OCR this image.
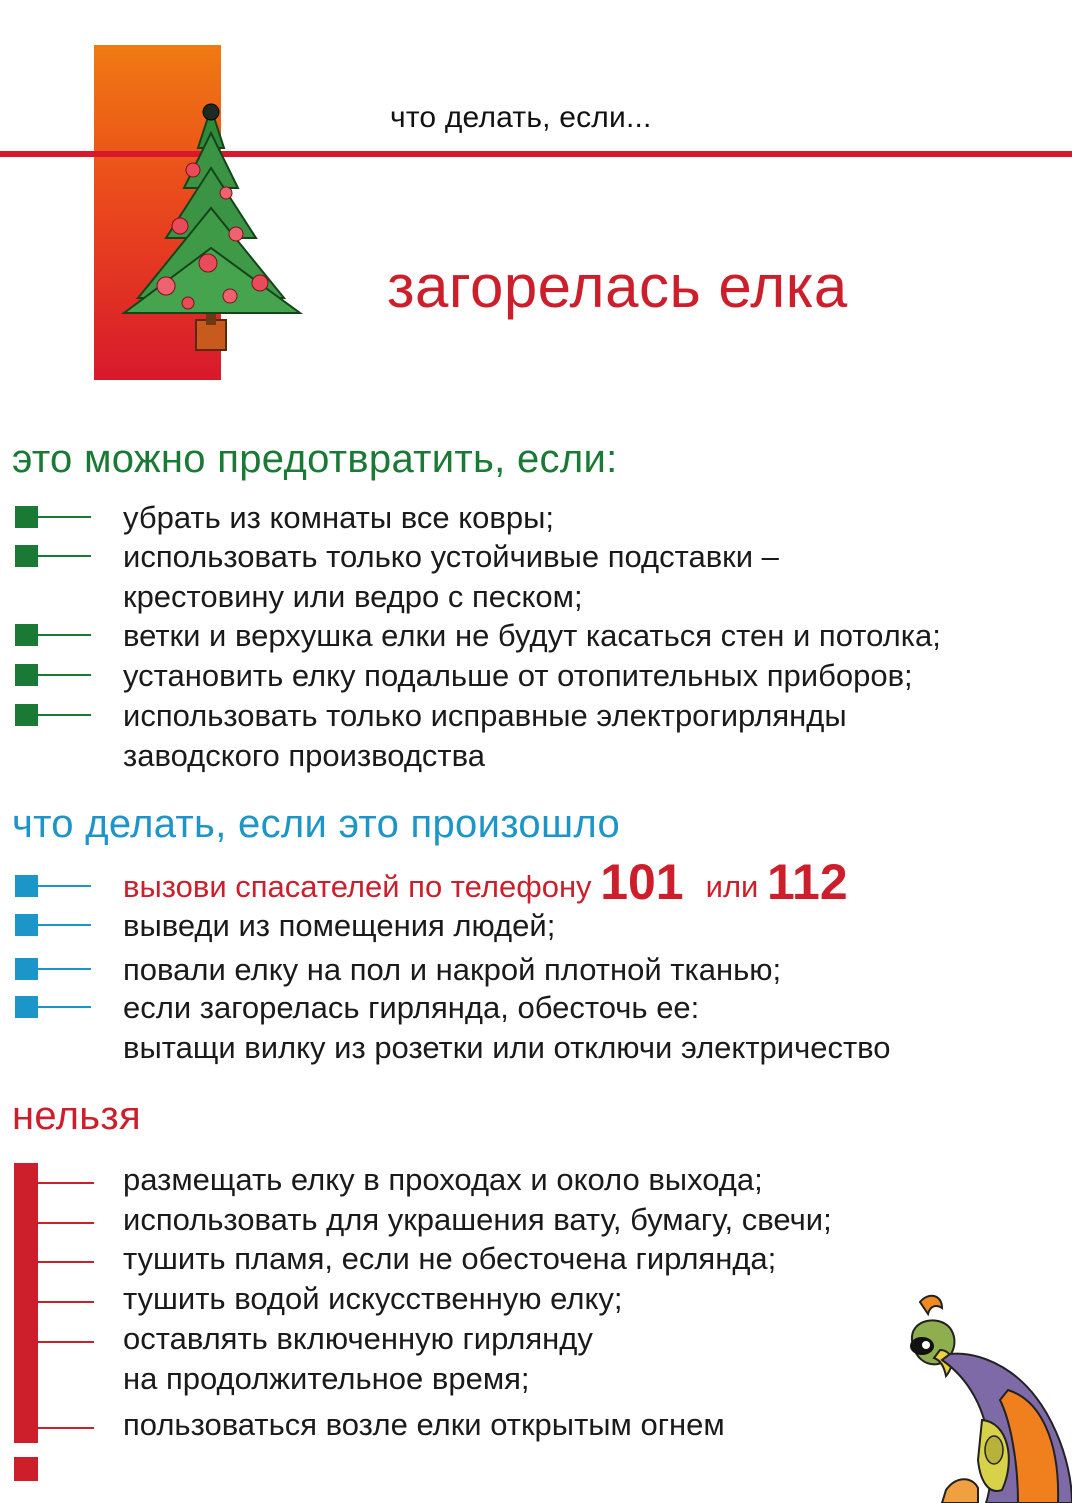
что делать, если...
загорелась елка
это можно предотвратить, если:
убрать из комнаты все ковры;
использовать только устойчивые подставки –
крестовину или ведро с песком;
ветки и верхушка елки не будут касаться стен и потолка;
установить елку подальше от отопительных приборов;
использовать только исправные электрогирлянды
заводского производства
что делать, если это произошло
вызови спасателей по телефону 101 или 112
выведи из помещения людей;
повали елку на пол и накрой плотной тканью;
если загорелась гирлянда, обесточь ее:
вытащи вилку из розетки или отключи электричество
нельзя
размещать елку в проходах и около выхода;
использовать для украшения вату, бумагу, свечи;
тушить пламя, если не обесточена гирлянда;
тушить водой искусственную елку;
оставлять включенную гирлянду
на продолжительное время;
пользоваться возле елки открытым огнем
